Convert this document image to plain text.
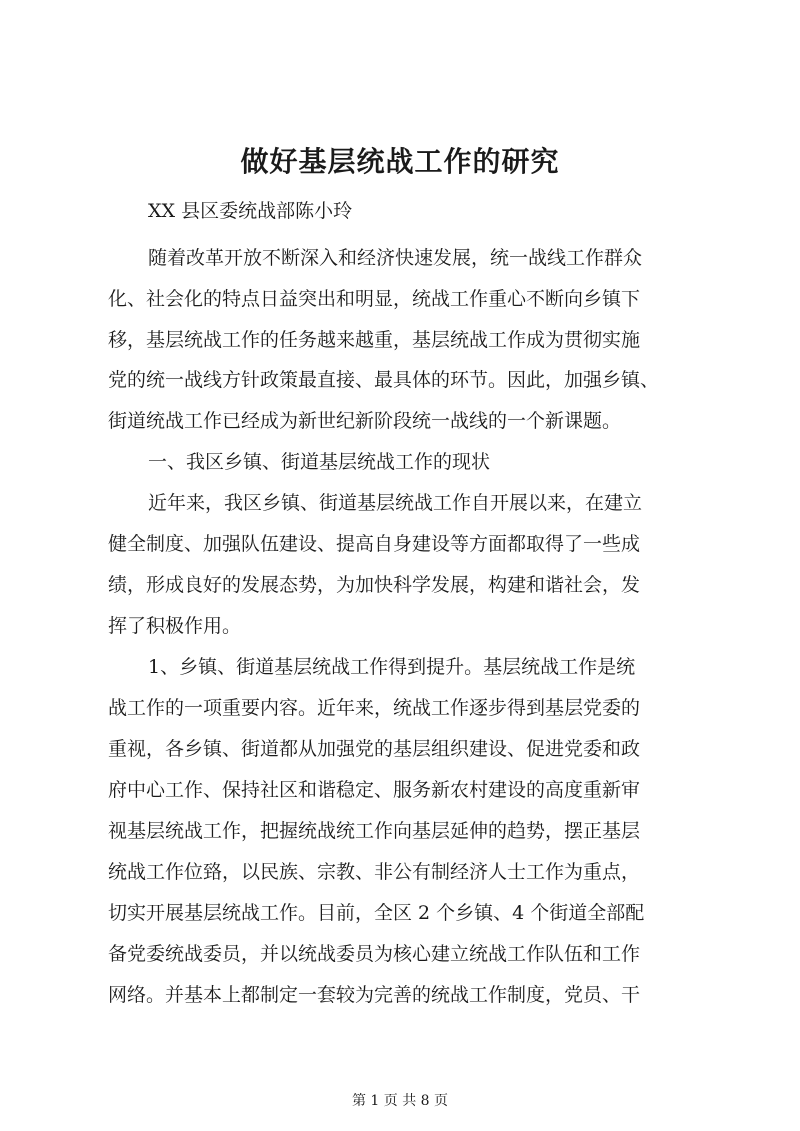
做好基层统战工作的研究

XX 县区委统战部陈小玲

随着改革开放不断深入和经济快速发展，统一战线工作群众

化、社会化的特点日益突出和明显，统战工作重心不断向乡镇下

移，基层统战工作的任务越来越重，基层统战工作成为贯彻实施

党的统一战线方针政策最直接、最具体的环节。因此，加强乡镇、

街道统战工作已经成为新世纪新阶段统一战线的一个新课题。

一、我区乡镇、街道基层统战工作的现状

近年来，我区乡镇、街道基层统战工作自开展以来，在建立

健全制度、加强队伍建设、提高自身建设等方面都取得了一些成

绩，形成良好的发展态势，为加快科学发展，构建和谐社会，发

挥了积极作用。

1、乡镇、街道基层统战工作得到提升。基层统战工作是统

战工作的一项重要内容。近年来，统战工作逐步得到基层党委的

重视，各乡镇、街道都从加强党的基层组织建设、促进党委和政

府中心工作、保持社区和谐稳定、服务新农村建设的高度重新审

视基层统战工作，把握统战统工作向基层延伸的趋势，摆正基层

统战工作位臵，以民族、宗教、非公有制经济人士工作为重点，

切实开展基层统战工作。目前，全区 2 个乡镇、4 个街道全部配

备党委统战委员，并以统战委员为核心建立统战工作队伍和工作

网络。并基本上都制定一套较为完善的统战工作制度，党员、干

第 1 页 共 8 页
